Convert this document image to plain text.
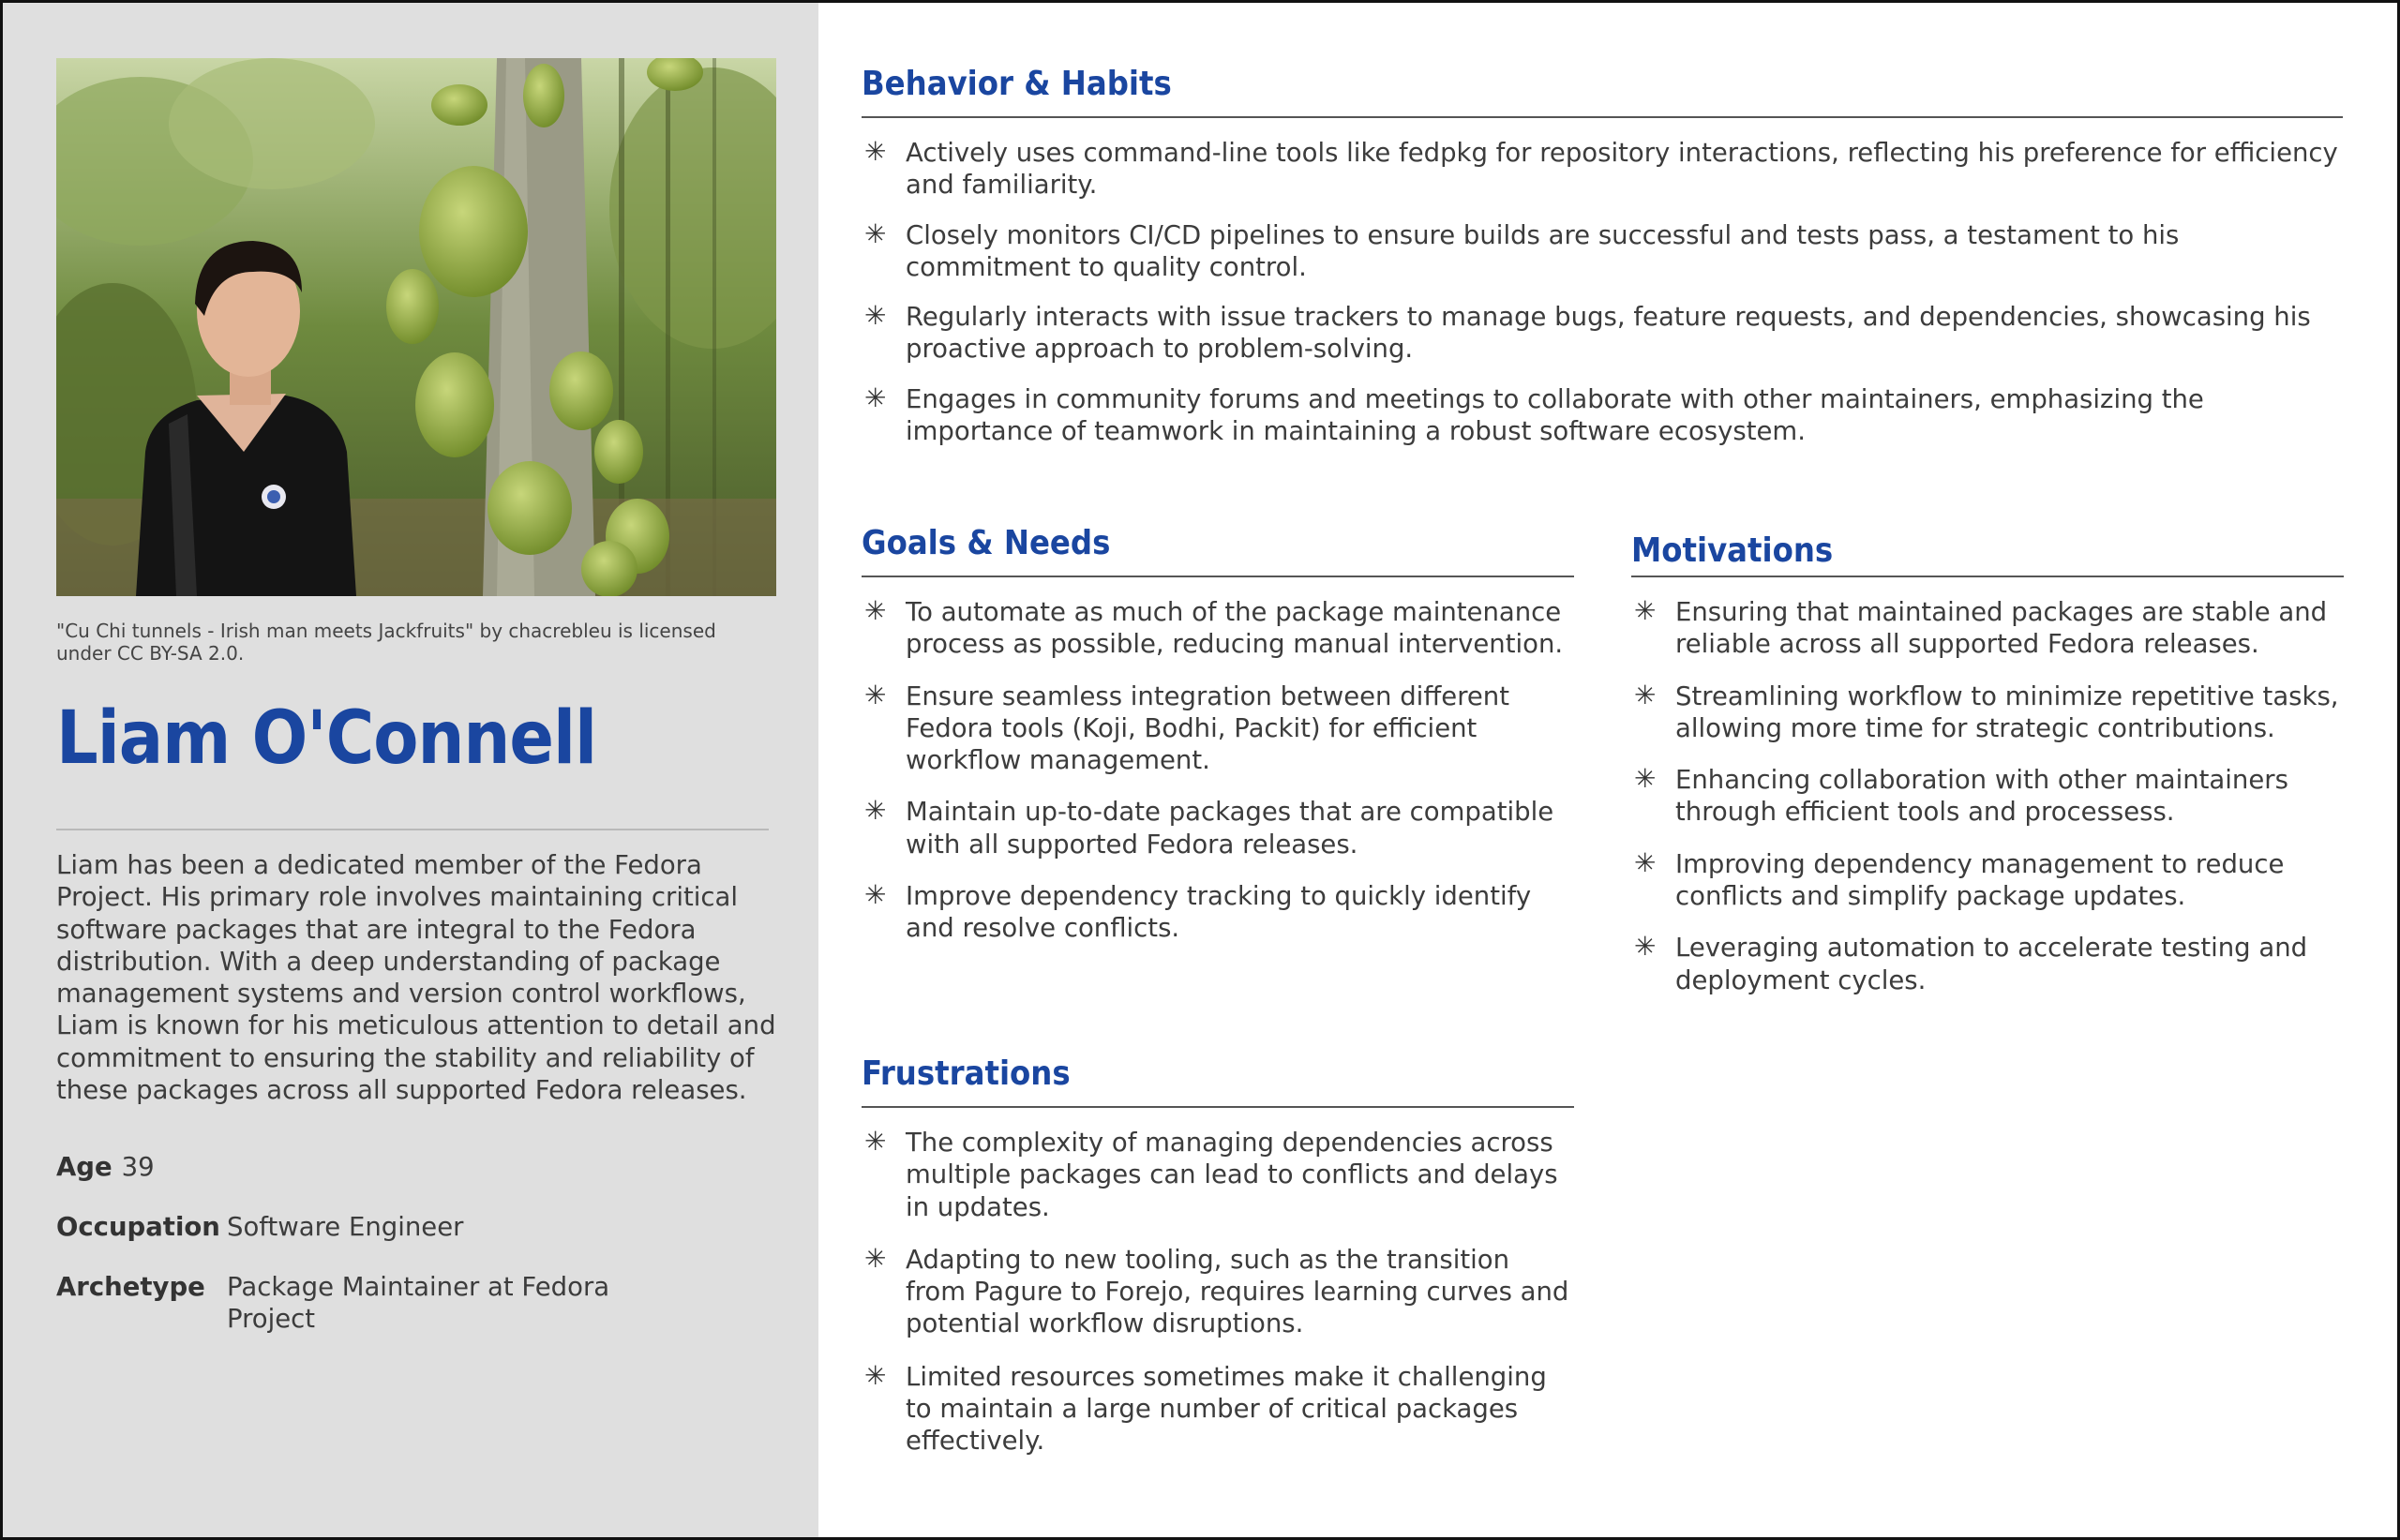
"Cu Chi tunnels - Irish man meets Jackfruits" by chacrebleu is licensed under CC BY-SA 2.0.
Liam O'Connell
Liam has been a dedicated member of the Fedora Project. His primary role involves maintaining critical software packages that are integral to the Fedora distribution. With a deep understanding of package management systems and version control workflows, Liam is known for his meticulous attention to detail and commitment to ensuring the stability and reliability of these packages across all supported Fedora releases.
Age 39
Occupation Software Engineer
Archetype Package Maintainer at Fedora Project
Behavior & Habits
✳ Actively uses command-line tools like fedpkg for repository interactions, reflecting his preference for efficiency and familiarity.
✳ Closely monitors CI/CD pipelines to ensure builds are successful and tests pass, a testament to his commitment to quality control.
✳ Regularly interacts with issue trackers to manage bugs, feature requests, and dependencies, showcasing his proactive approach to problem-solving.
✳ Engages in community forums and meetings to collaborate with other maintainers, emphasizing the importance of teamwork in maintaining a robust software ecosystem.
Goals & Needs
✳ To automate as much of the package maintenance process as possible, reducing manual intervention.
✳ Ensure seamless integration between different Fedora tools (Koji, Bodhi, Packit) for efficient workflow management.
✳ Maintain up-to-date packages that are compatible with all supported Fedora releases.
✳ Improve dependency tracking to quickly identify and resolve conflicts.
Frustrations
✳ The complexity of managing dependencies across multiple packages can lead to conflicts and delays in updates.
✳ Adapting to new tooling, such as the transition from Pagure to Forejo, requires learning curves and potential workflow disruptions.
✳ Limited resources sometimes make it challenging to maintain a large number of critical packages effectively.
Motivations
✳ Ensuring that maintained packages are stable and reliable across all supported Fedora releases.
✳ Streamlining workflow to minimize repetitive tasks, allowing more time for strategic contributions.
✳ Enhancing collaboration with other maintainers through efficient tools and processess.
✳ Improving dependency management to reduce conflicts and simplify package updates.
✳ Leveraging automation to accelerate testing and deployment cycles.
